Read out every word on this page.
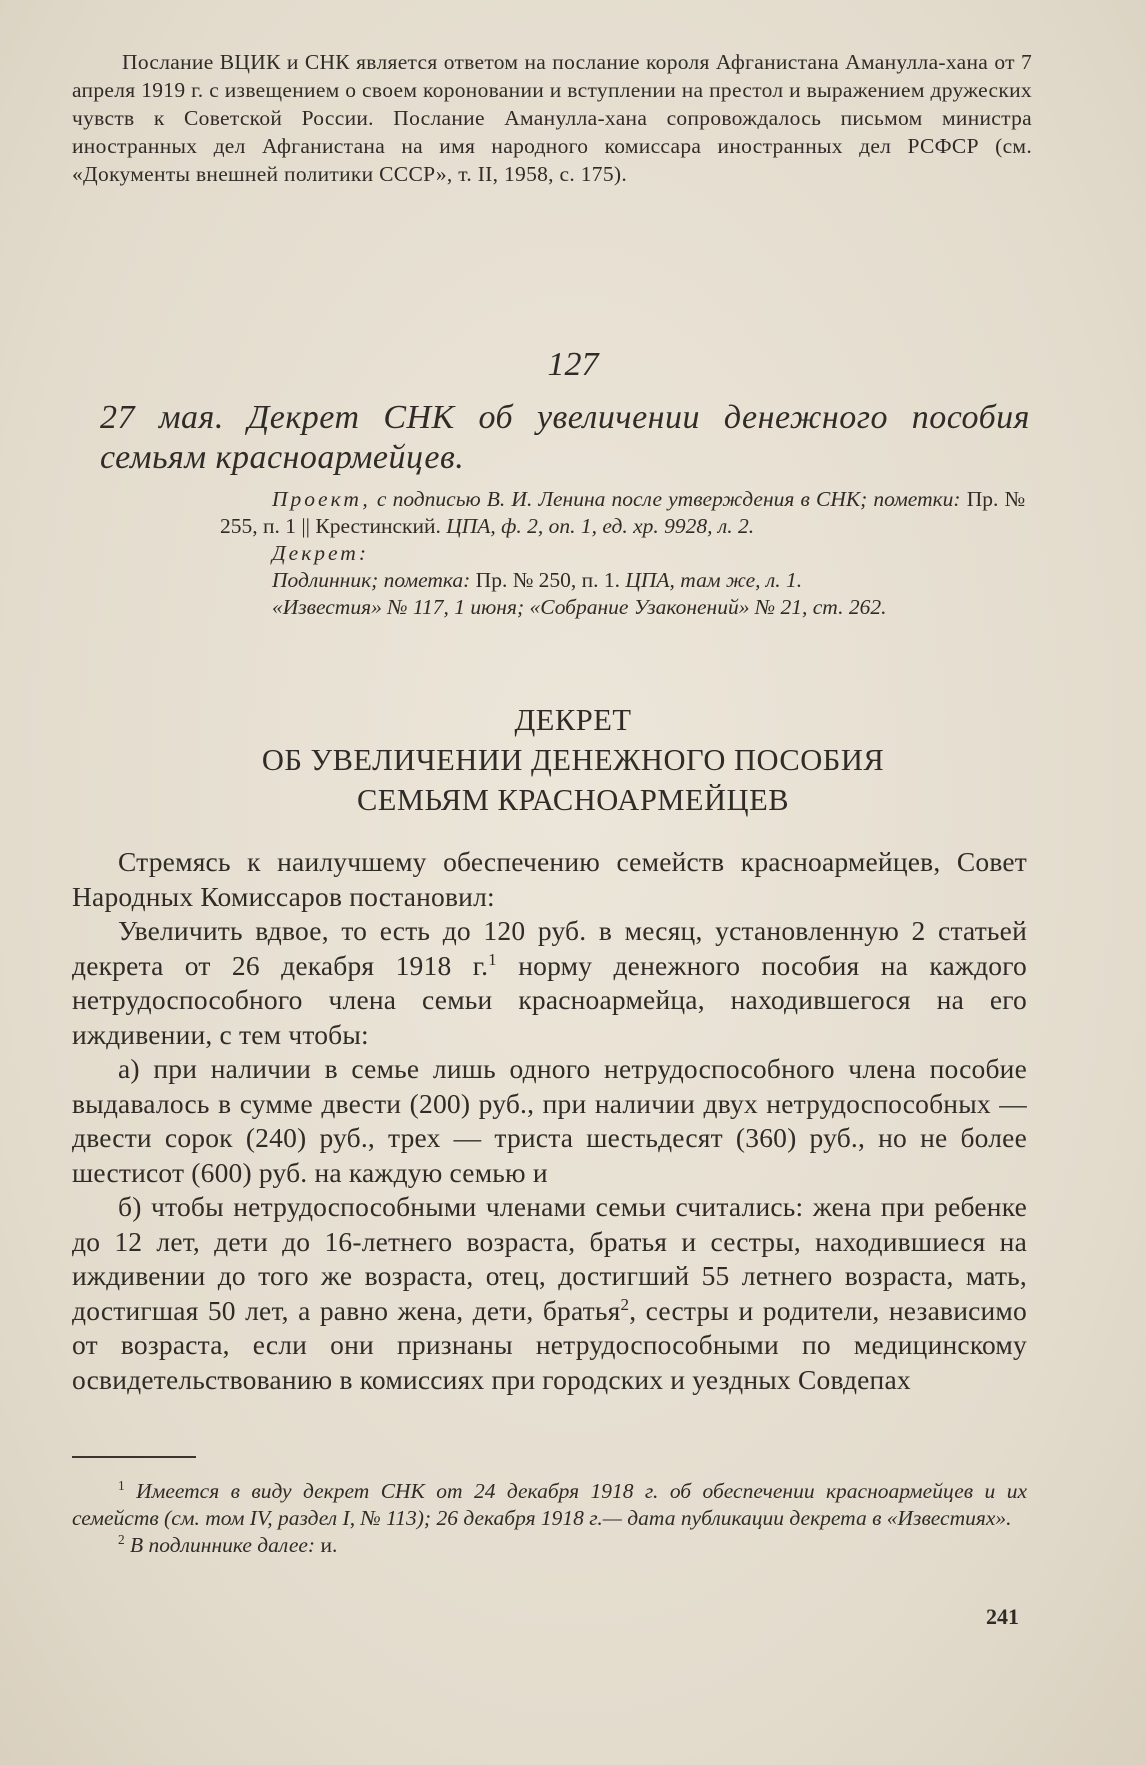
Послание ВЦИК и СНК является ответом на послание короля Афганистана Аманулла-хана от 7 апреля 1919 г. с извещением о своем короновании и вступлении на престол и выражением дружеских чувств к Советской России. Послание Аманулла-хана сопровождалось письмом министра иностранных дел Афганистана на имя народного комиссара иностранных дел РСФСР (см. «Документы внешней политики СССР», т. II, 1958, с. 175).
127
27 мая. Декрет СНК об увеличении денежного пособия семьям красноармейцев.

Проект, с подписью В. И. Ленина после утверждения в СНК; пометки: Пр. № 255, п. 1 || Крестинский. ЦПА, ф. 2, оп. 1, ед. хр. 9928, л. 2.

Декрет:

Подлинник; пометка: Пр. № 250, п. 1. ЦПА, там же, л. 1.

«Известия» № 117, 1 июня; «Собрание Узаконений» № 21, ст. 262.

ДЕКРЕТ
ОБ УВЕЛИЧЕНИИ ДЕНЕЖНОГО ПОСОБИЯ
СЕМЬЯМ КРАСНОАРМЕЙЦЕВ

Стремясь к наилучшему обеспечению семейств красноармейцев, Совет Народных Комиссаров постановил:

Увеличить вдвое, то есть до 120 руб. в месяц, установленную 2 статьей декрета от 26 декабря 1918 г.$^1$ норму денежного пособия на каждого нетрудоспособного члена семьи красноармейца, находившегося на его иждивении, с тем чтобы:

а) при наличии в семье лишь одного нетрудоспособного члена пособие выдавалось в сумме двести (200) руб., при наличии двух нетрудоспособных — двести сорок (240) руб., трех — триста шестьдесят (360) руб., но не более шестисот (600) руб. на каждую семью и

б) чтобы нетрудоспособными членами семьи считались: жена при ребенке до 12 лет, дети до 16-летнего возраста, братья и сестры, находившиеся на иждивении до того же возраста, отец, достигший 55 летнего возраста, мать, достигшая 50 лет, а равно жена, дети, братья$^2$, сестры и родители, независимо от возраста, если они признаны нетрудоспособными по медицинскому освидетельствованию в комиссиях при городских и уездных Совдепах

$^1$ Имеется в виду декрет СНК от 24 декабря 1918 г. об обеспечении красноармейцев и их семейств (см. том IV, раздел I, № 113); 26 декабря 1918 г.— дата публикации декрета в «Известиях».

$^2$ В подлиннике далее: и.

241
